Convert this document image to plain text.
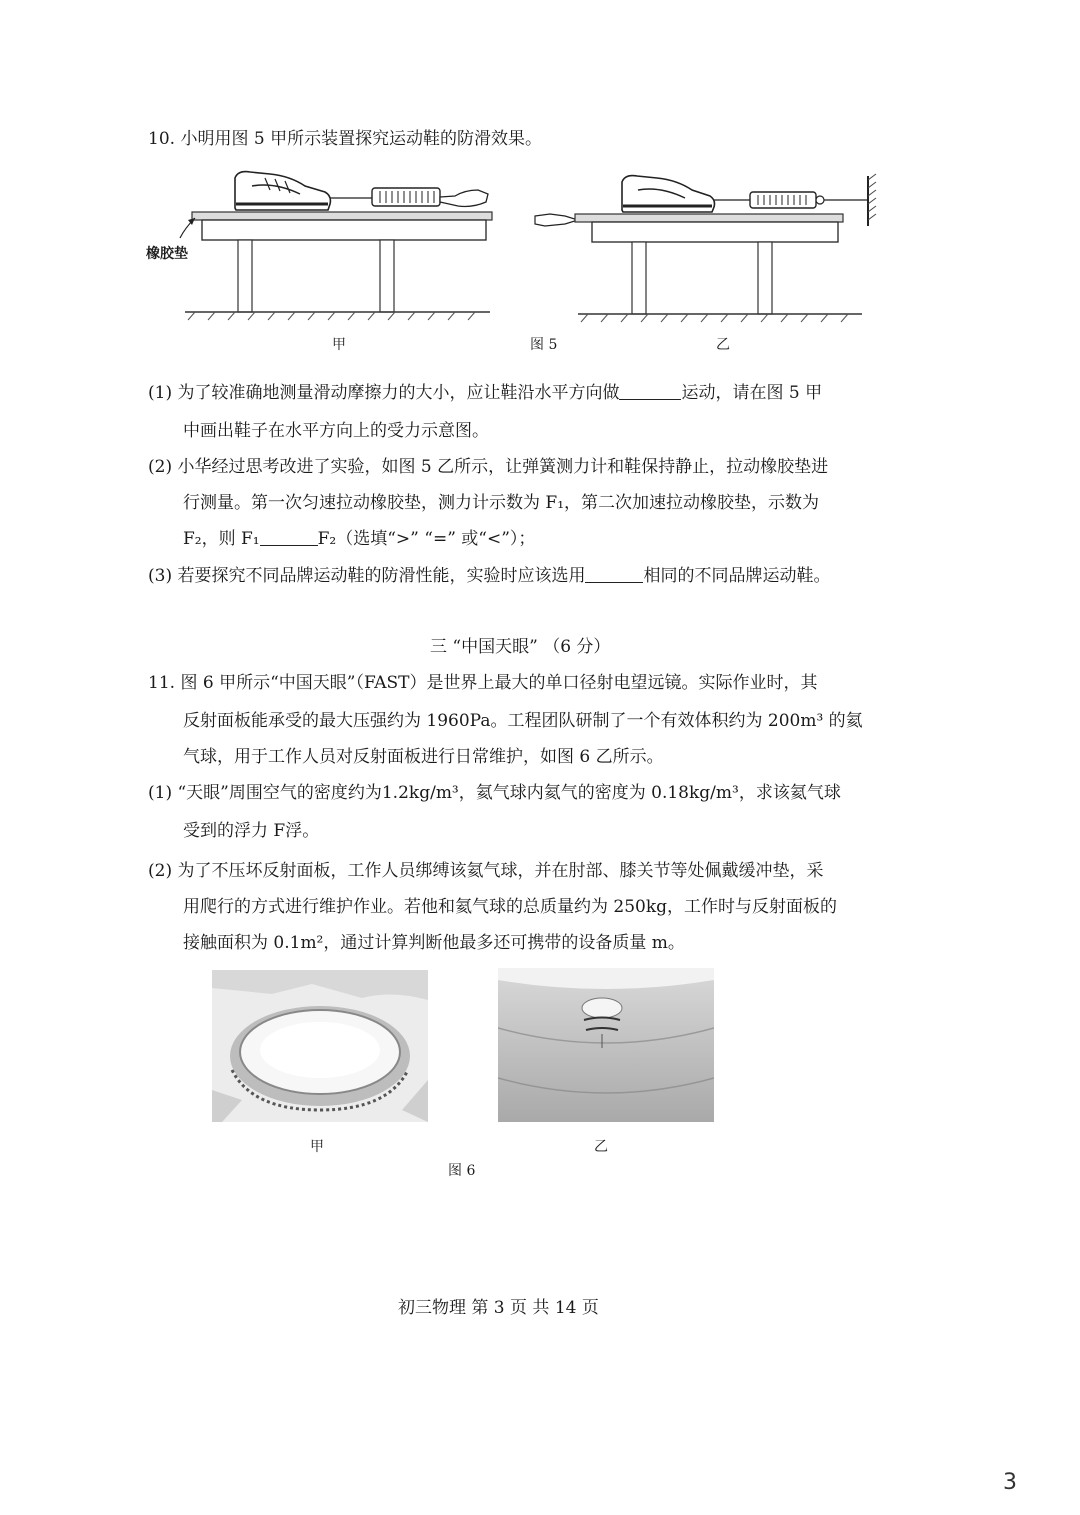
10. 小明用图 5 甲所示装置探究运动鞋的防滑效果。
橡胶垫
甲	图 5	乙
(1) 为了较准确地测量滑动摩擦力的大小，应让鞋沿水平方向做	运动，请在图 5 甲
中画出鞋子在水平方向上的受力示意图。
(2) 小华经过思考改进了实验，如图 5 乙所示，让弹簧测力计和鞋保持静止，拉动橡胶垫进
行测量。第一次匀速拉动橡胶垫，测力计示数为 F₁，第二次加速拉动橡胶垫，示数为
F₂，则 F₁	F₂（选填“>” “=” 或“<”）；
(3) 若要探究不同品牌运动鞋的防滑性能，实验时应该选用	相同的不同品牌运动鞋。
三 “中国天眼” （6 分）
11. 图 6 甲所示“中国天眼”（FAST）是世界上最大的单口径射电望远镜。实际作业时，其
反射面板能承受的最大压强约为 1960Pa。工程团队研制了一个有效体积约为 200m³ 的氦
气球，用于工作人员对反射面板进行日常维护，如图 6 乙所示。
(1) “天眼”周围空气的密度约为1.2kg/m³，氦气球内氦气的密度为 0.18kg/m³，求该氦气球
受到的浮力 F浮。
(2) 为了不压坏反射面板，工作人员绑缚该氦气球，并在肘部、膝关节等处佩戴缓冲垫，采
用爬行的方式进行维护作业。若他和氦气球的总质量约为 250kg，工作时与反射面板的
接触面积为 0.1m²，通过计算判断他最多还可携带的设备质量 m。
甲	乙
图 6
初三物理 第 3 页 共 14 页
3
